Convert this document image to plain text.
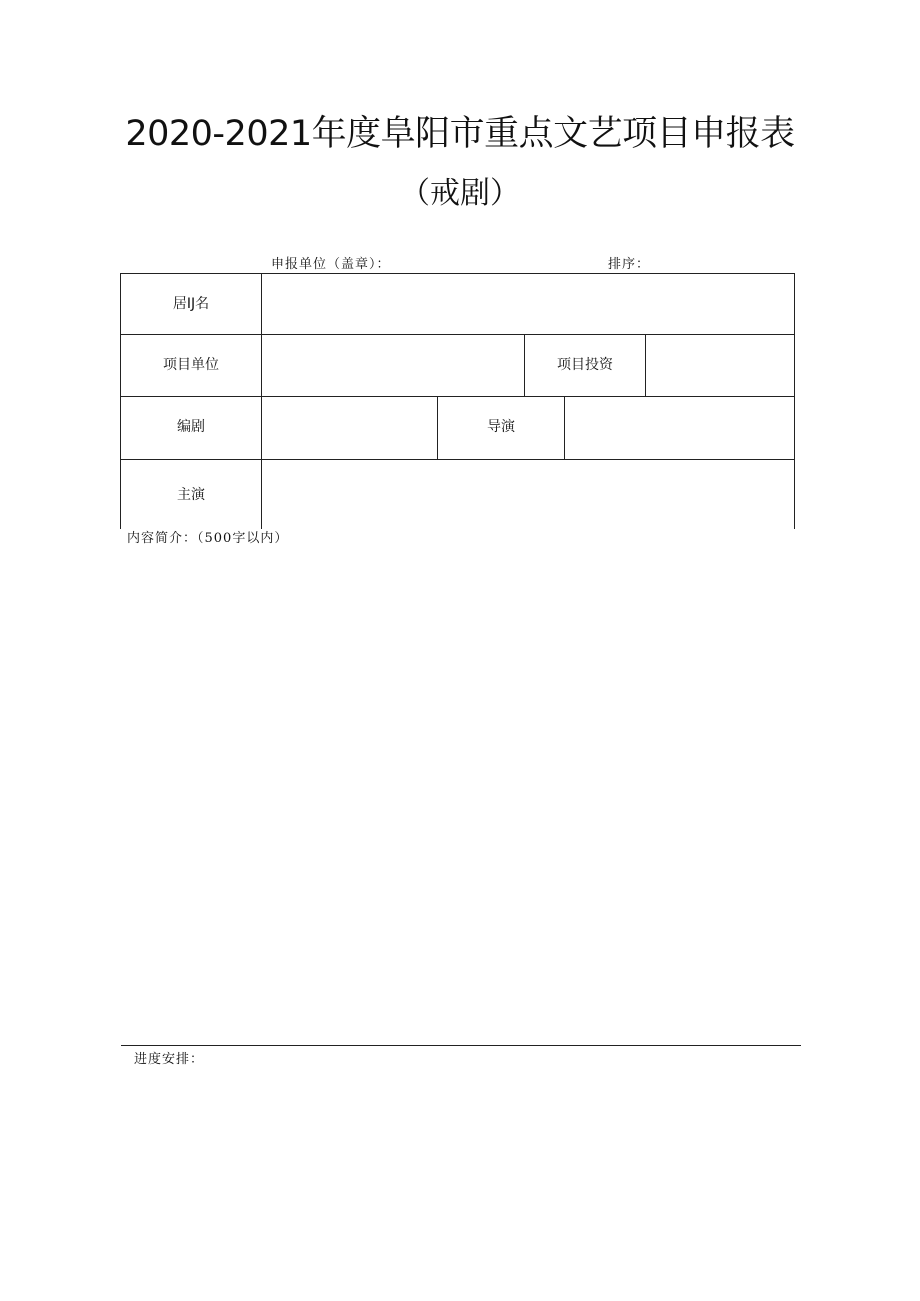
2020-2021年度阜阳市重点文艺项目申报表
（戒剧）
申报单位（盖章）：	排序：
居IJ名
项目单位	项目投资
编剧	导演
主演
内容简介：（500字以内）
进度安排：
